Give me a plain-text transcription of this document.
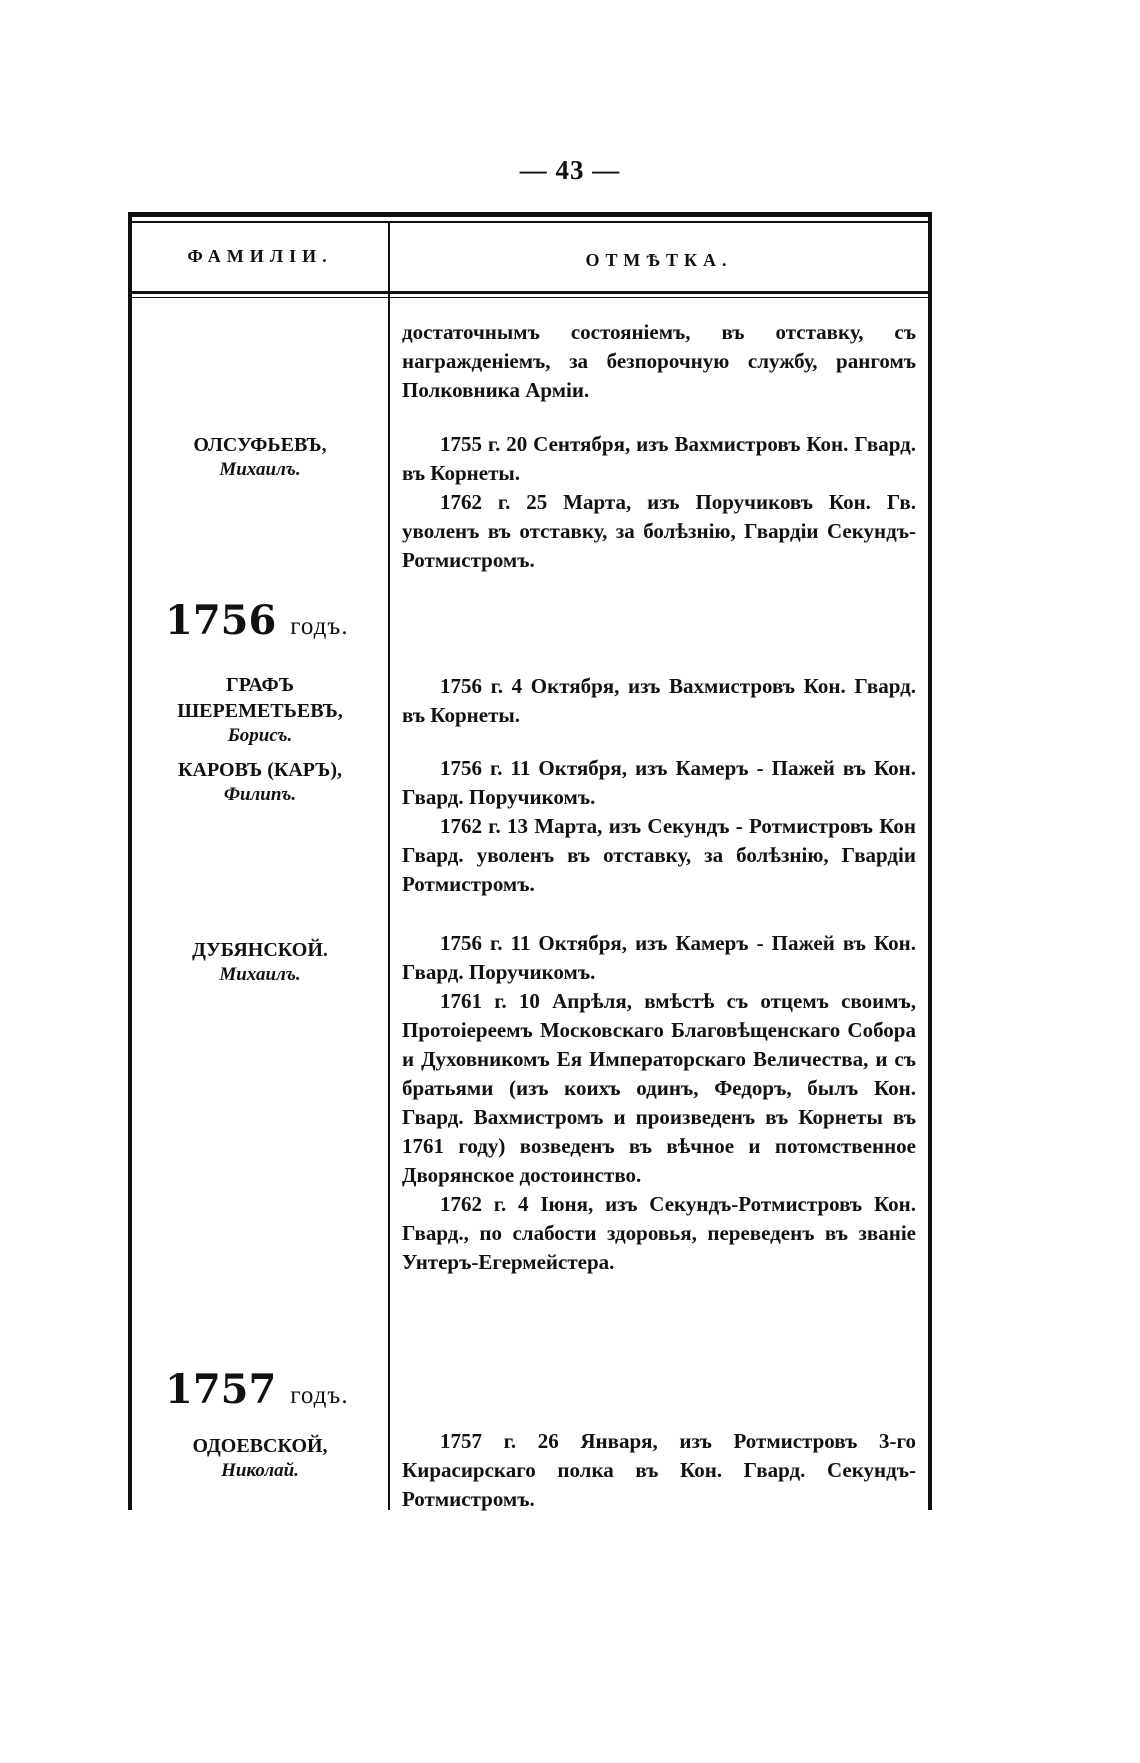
— 43 —
ФАМИЛІИ.	ОТМѢТКА.

достаточнымъ состояніемъ, въ отставку, съ награжденіемъ, за безпорочную службу, рангомъ Полковника Арміи.

ОЛСУФЬЕВЪ,
Михаилъ.

1755 г. 20 Сентября, изъ Вахмистровъ Кон. Гвард. въ Корнеты.

1762 г. 25 Марта, изъ Поручиковъ Кон. Гв. уволенъ въ отставку, за болѣзнію, Гвардіи Секундъ-Ротмистромъ.

1756 годъ.
ГРАФЪ
ШЕРЕМЕТЬЕВЪ,
Борисъ.

1756 г. 4 Октября, изъ Вахмистровъ Кон. Гвард. въ Корнеты.

КАРОВЪ (КАРЪ),
Филипъ.

1756 г. 11 Октября, изъ Камеръ - Пажей въ Кон. Гвард. Поручикомъ.

1762 г. 13 Марта, изъ Секундъ - Ротмистровъ Кон Гвард. уволенъ въ отставку, за болѣзнію, Гвардіи Ротмистромъ.

ДУБЯНСКОЙ.
Михаилъ.

1756 г. 11 Октября, изъ Камеръ - Пажей въ Кон. Гвард. Поручикомъ.

1761 г. 10 Апрѣля, вмѣстѣ съ отцемъ своимъ, Протоіереемъ Московскаго Благовѣщенскаго Собора и Духовникомъ Ея Императорскаго Величества, и съ братьями (изъ коихъ одинъ, Федоръ, былъ Кон. Гвард. Вахмистромъ и произведенъ въ Корнеты въ 1761 году) возведенъ въ вѣчное и потомственное Дворянское достоинство.

1762 г. 4 Іюня, изъ Секундъ-Ротмистровъ Кон. Гвард., по слабости здоровья, переведенъ въ званіе Унтеръ-Егермейстера.

1757 годъ.
ОДОЕВСКОЙ,
Николай.

1757 г. 26 Января, изъ Ротмистровъ 3-го Кирасирскаго полка въ Кон. Гвард. Секундъ-Ротмистромъ.
